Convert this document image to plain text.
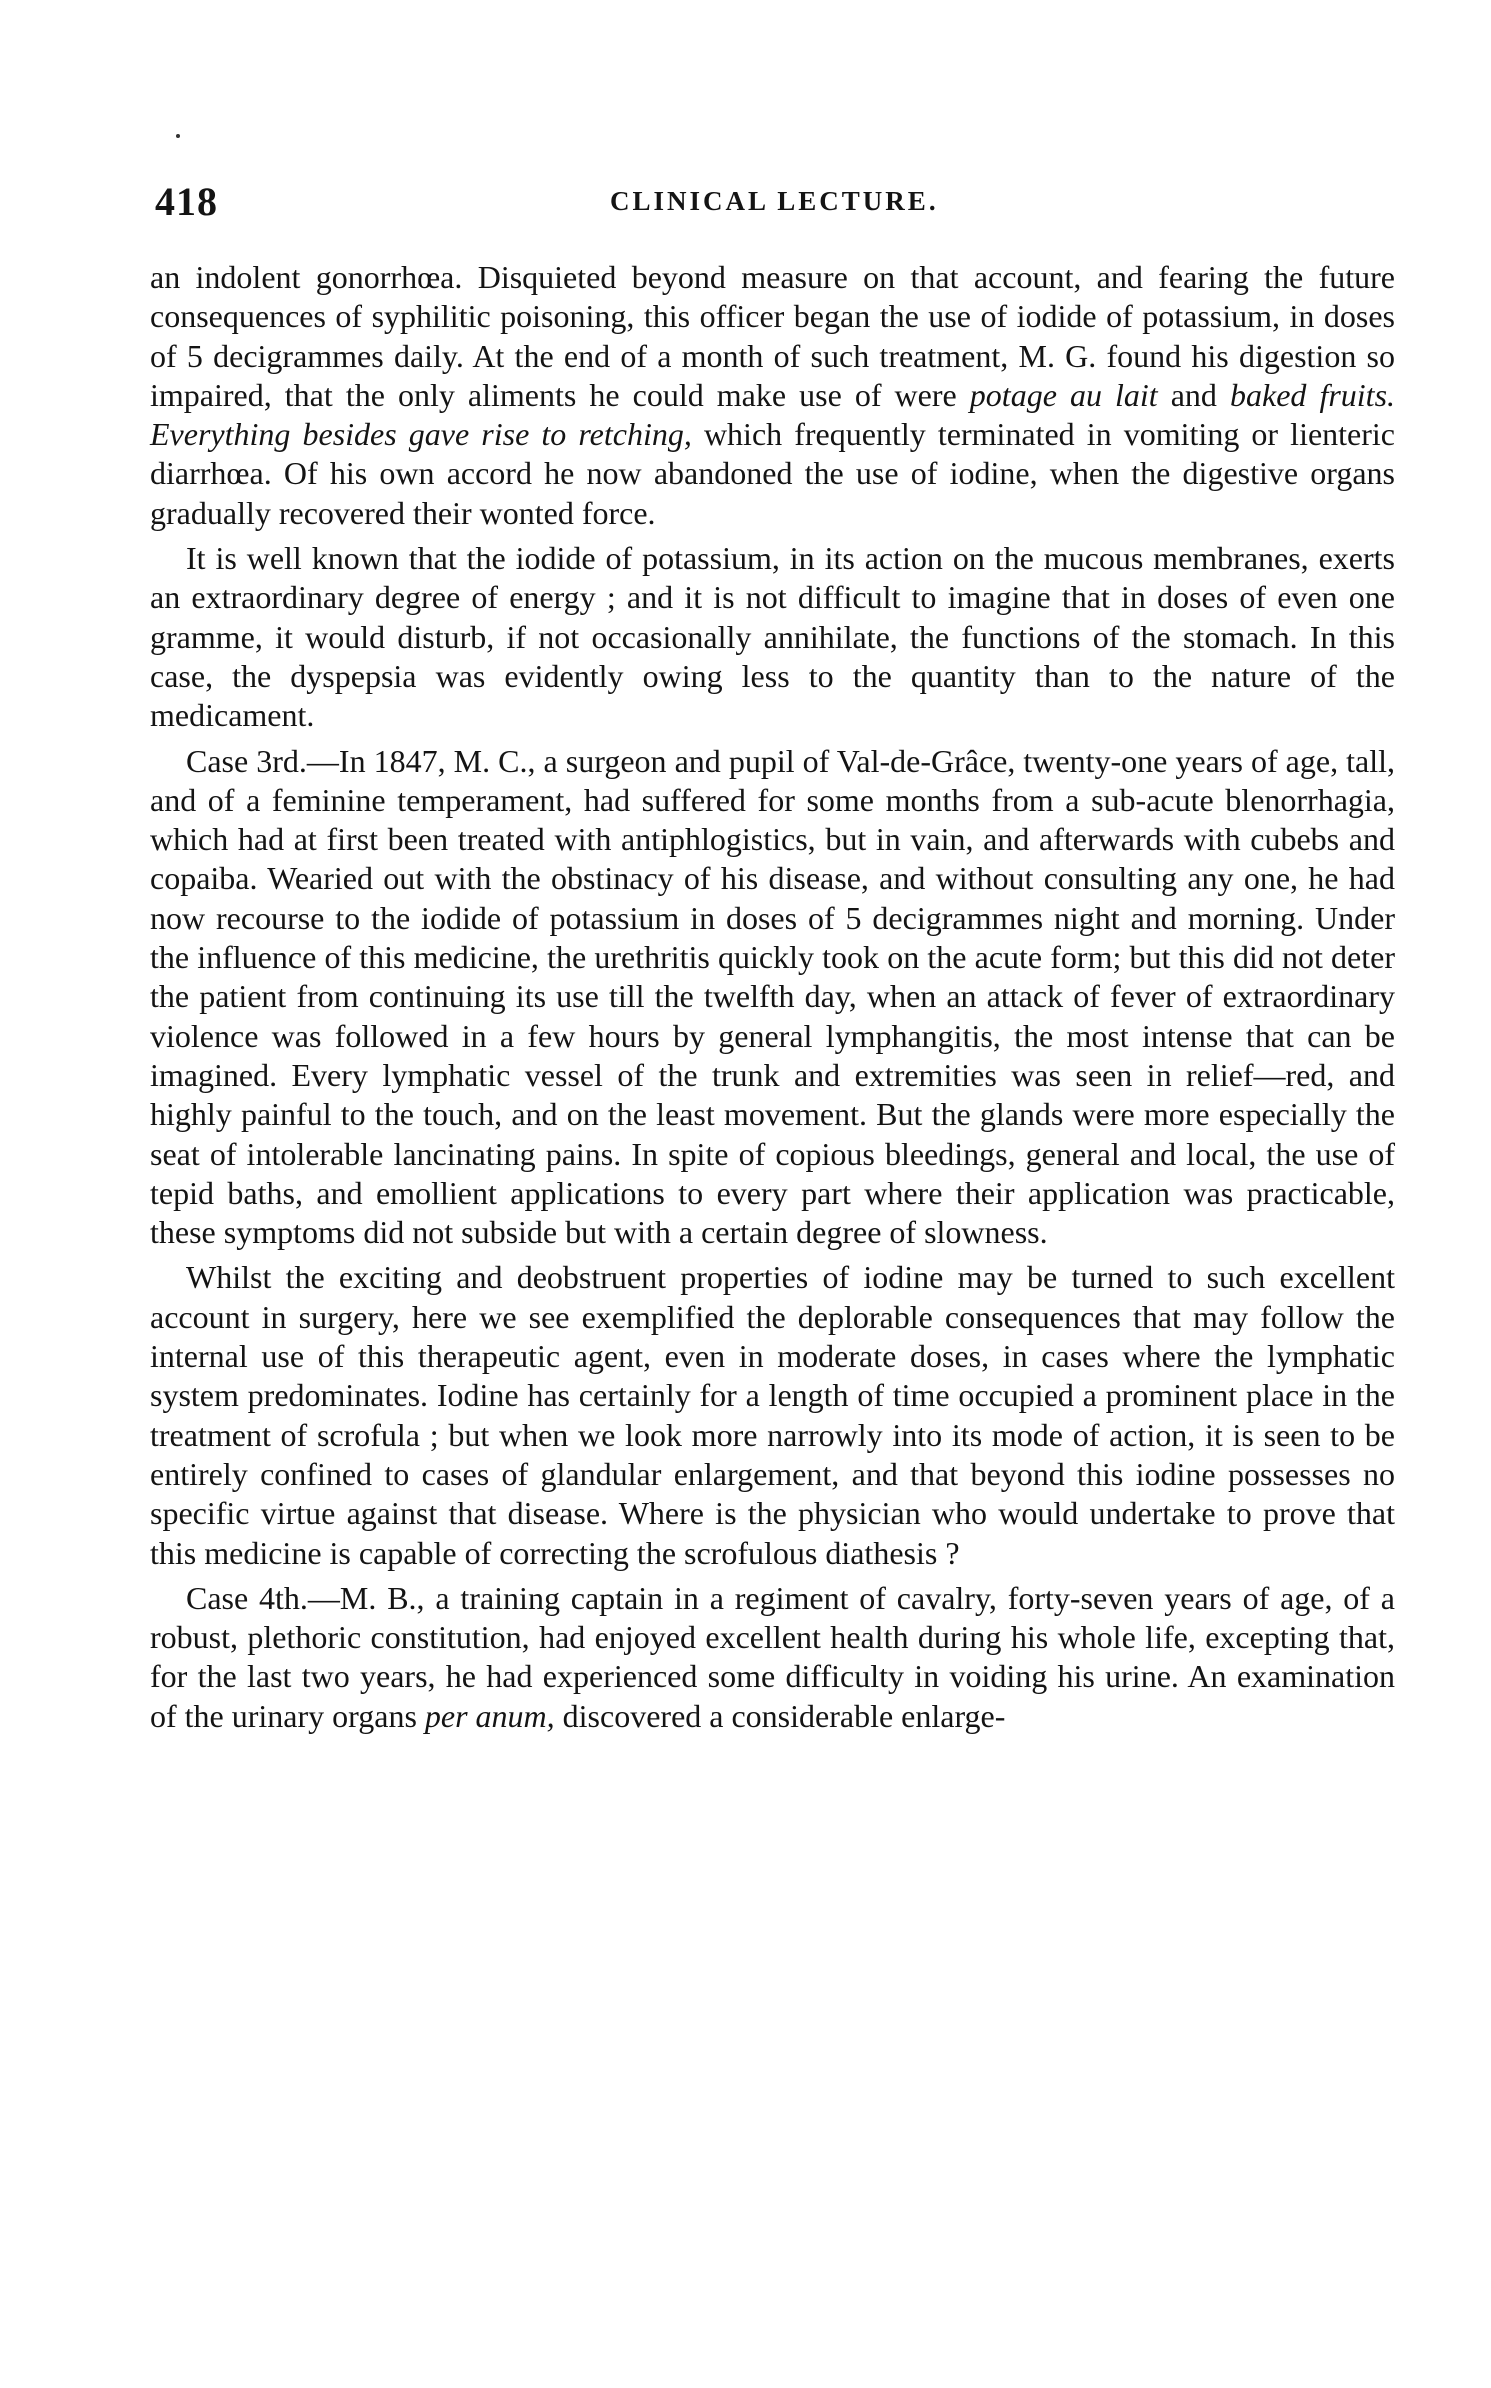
418	CLINICAL LECTURE.

an indolent gonorrhœa. Disquieted beyond measure on that account, and fearing the future consequences of syphilitic poisoning, this officer began the use of iodide of potassium, in doses of 5 decigrammes daily. At the end of a month of such treatment, M. G. found his digestion so impaired, that the only aliments he could make use of were potage au lait and baked fruits. Everything besides gave rise to retching, which frequently terminated in vomiting or lienteric diarrhœa. Of his own accord he now abandoned the use of iodine, when the digestive organs gradually recovered their wonted force.

It is well known that the iodide of potassium, in its action on the mucous membranes, exerts an extraordinary degree of energy ; and it is not difficult to imagine that in doses of even one gramme, it would disturb, if not occasionally annihilate, the functions of the stomach. In this case, the dyspepsia was evidently owing less to the quantity than to the nature of the medicament.

Case 3rd.—In 1847, M. C., a surgeon and pupil of Val-de-Grâce, twenty-one years of age, tall, and of a feminine temperament, had suffered for some months from a sub-acute blenorrhagia, which had at first been treated with antiphlogistics, but in vain, and afterwards with cubebs and copaiba. Wearied out with the obstinacy of his disease, and without consulting any one, he had now recourse to the iodide of potassium in doses of 5 decigrammes night and morning. Under the influence of this medicine, the urethritis quickly took on the acute form; but this did not deter the patient from continuing its use till the twelfth day, when an attack of fever of extraordinary violence was followed in a few hours by general lymphangitis, the most intense that can be imagined. Every lymphatic vessel of the trunk and extremities was seen in relief—red, and highly painful to the touch, and on the least movement. But the glands were more especially the seat of intolerable lancinating pains. In spite of copious bleedings, general and local, the use of tepid baths, and emollient applications to every part where their application was practicable, these symptoms did not subside but with a certain degree of slowness.

Whilst the exciting and deobstruent properties of iodine may be turned to such excellent account in surgery, here we see exemplified the deplorable consequences that may follow the internal use of this therapeutic agent, even in moderate doses, in cases where the lymphatic system predominates. Iodine has certainly for a length of time occupied a prominent place in the treatment of scrofula ; but when we look more narrowly into its mode of action, it is seen to be entirely confined to cases of glandular enlargement, and that beyond this iodine possesses no specific virtue against that disease. Where is the physician who would undertake to prove that this medicine is capable of correcting the scrofulous diathesis ?

Case 4th.—M. B., a training captain in a regiment of cavalry, forty-seven years of age, of a robust, plethoric constitution, had enjoyed excellent health during his whole life, excepting that, for the last two years, he had experienced some difficulty in voiding his urine. An examination of the urinary organs per anum, discovered a considerable enlarge-
